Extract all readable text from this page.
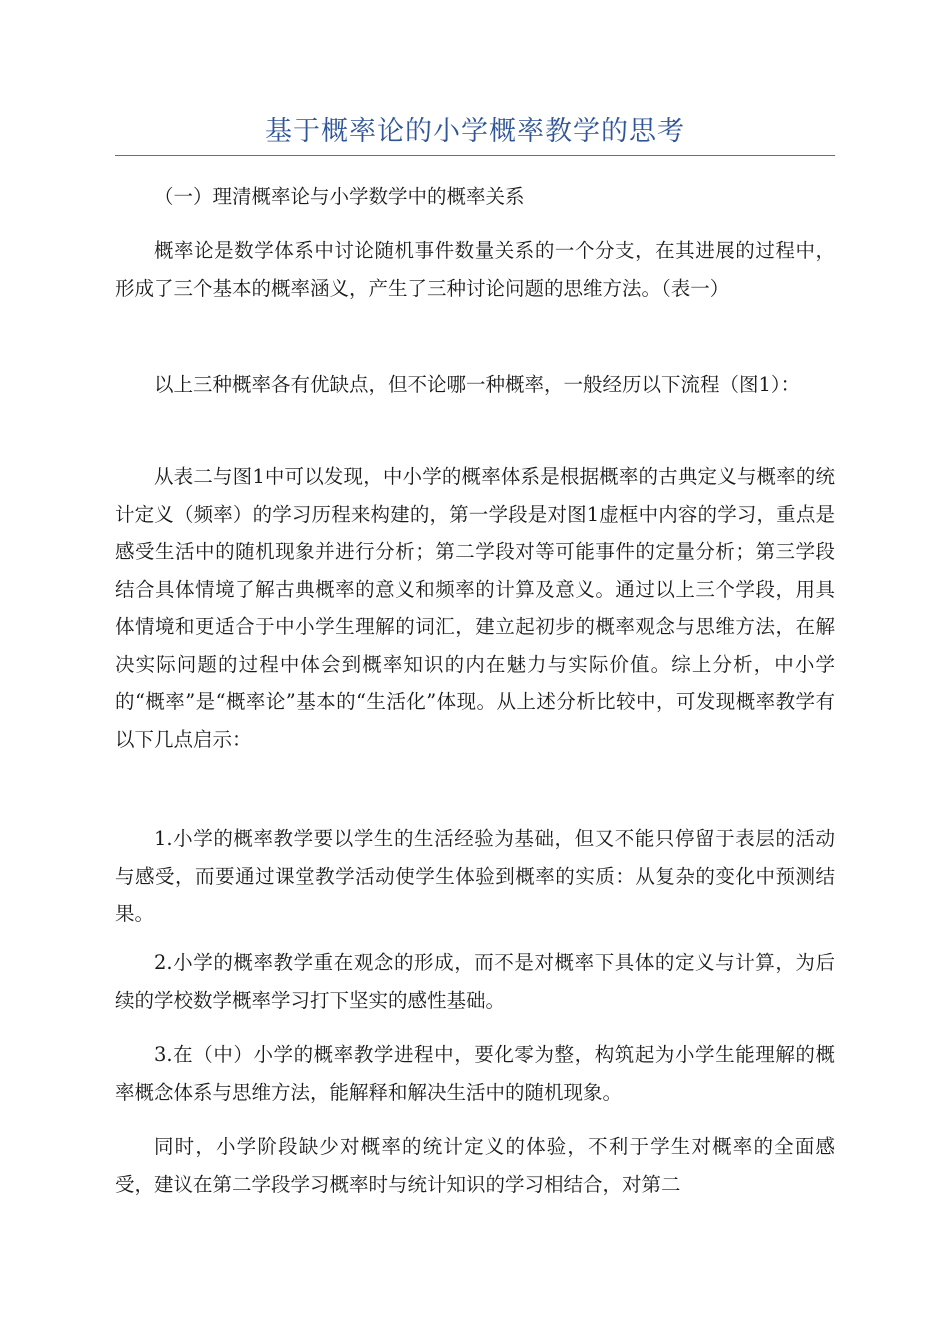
基于概率论的小学概率教学的思考

（一）理清概率论与小学数学中的概率关系

概率论是数学体系中讨论随机事件数量关系的一个分支，在其进展的过程中，形成了三个基本的概率涵义，产生了三种讨论问题的思维方法。（表一）

以上三种概率各有优缺点，但不论哪一种概率，一般经历以下流程（图1）：

从表二与图1中可以发现，中小学的概率体系是根据概率的古典定义与概率的统计定义（频率）的学习历程来构建的，第一学段是对图1虚框中内容的学习，重点是感受生活中的随机现象并进行分析；第二学段对等可能事件的定量分析；第三学段结合具体情境了解古典概率的意义和频率的计算及意义。通过以上三个学段，用具体情境和更适合于中小学生理解的词汇，建立起初步的概率观念与思维方法，在解决实际问题的过程中体会到概率知识的内在魅力与实际价值。综上分析，中小学的“概率”是“概率论”基本的“生活化”体现。从上述分析比较中，可发现概率教学有以下几点启示：

1.小学的概率教学要以学生的生活经验为基础，但又不能只停留于表层的活动与感受，而要通过课堂教学活动使学生体验到概率的实质：从复杂的变化中预测结果。

2.小学的概率教学重在观念的形成，而不是对概率下具体的定义与计算，为后续的学校数学概率学习打下坚实的感性基础。

3.在（中）小学的概率教学进程中，要化零为整，构筑起为小学生能理解的概率概念体系与思维方法，能解释和解决生活中的随机现象。

同时，小学阶段缺少对概率的统计定义的体验，不利于学生对概率的全面感受，建议在第二学段学习概率时与统计知识的学习相结合，对第二
